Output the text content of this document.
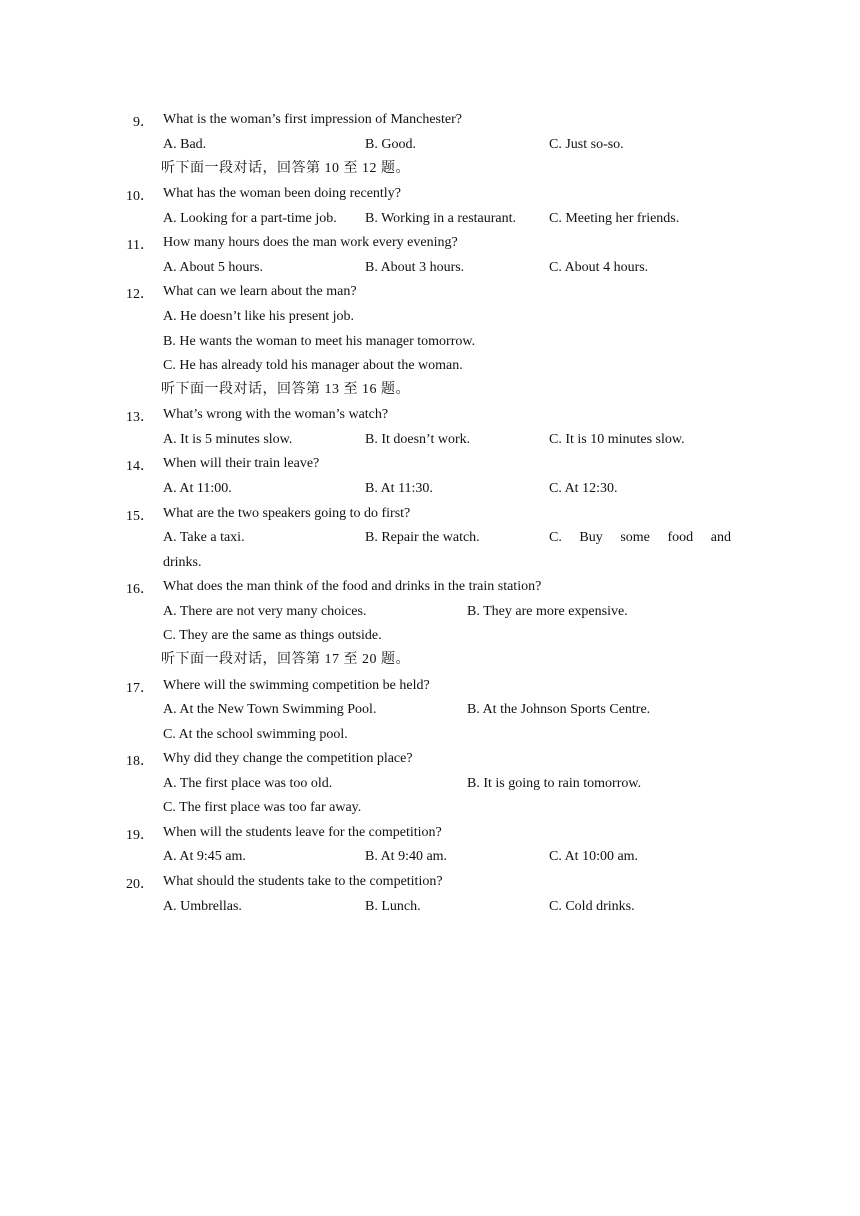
9． What is the woman’s first impression of Manchester?
A. Bad.	B. Good.	C. Just so-so.
听下面一段对话，回答第 10 至 12 题。
10． What has the woman been doing recently?
A. Looking for a part-time job. B. Working in a restaurant. C. Meeting her friends.
11． How many hours does the man work every evening?
A. About 5 hours.	B. About 3 hours.	C. About 4 hours.
12． What can we learn about the man?
A. He doesn’t like his present job.
B. He wants the woman to meet his manager tomorrow.
C. He has already told his manager about the woman.
听下面一段对话，回答第 13 至 16 题。
13． What’s wrong with the woman’s watch?
A. It is 5 minutes slow.	B. It doesn’t work.	C. It is 10 minutes slow.
14． When will their train leave?
A. At 11:00.	B. At 11:30.	C. At 12:30.
15． What are the two speakers going to do first?
A. Take a taxi.	B. Repair the watch.	C. Buy some food and
drinks.
16． What does the man think of the food and drinks in the train station?
A. There are not very many choices.	B. They are more expensive.
C. They are the same as things outside.
听下面一段对话，回答第 17 至 20 题。
17． Where will the swimming competition be held?
A. At the New Town Swimming Pool.	B. At the Johnson Sports Centre.
C. At the school swimming pool.
18． Why did they change the competition place?
A. The first place was too old.	B. It is going to rain tomorrow.
C. The first place was too far away.
19． When will the students leave for the competition?
A. At 9:45 am.	B. At 9:40 am.	C. At 10:00 am.
20． What should the students take to the competition?
A. Umbrellas.	B. Lunch.	C. Cold drinks.
